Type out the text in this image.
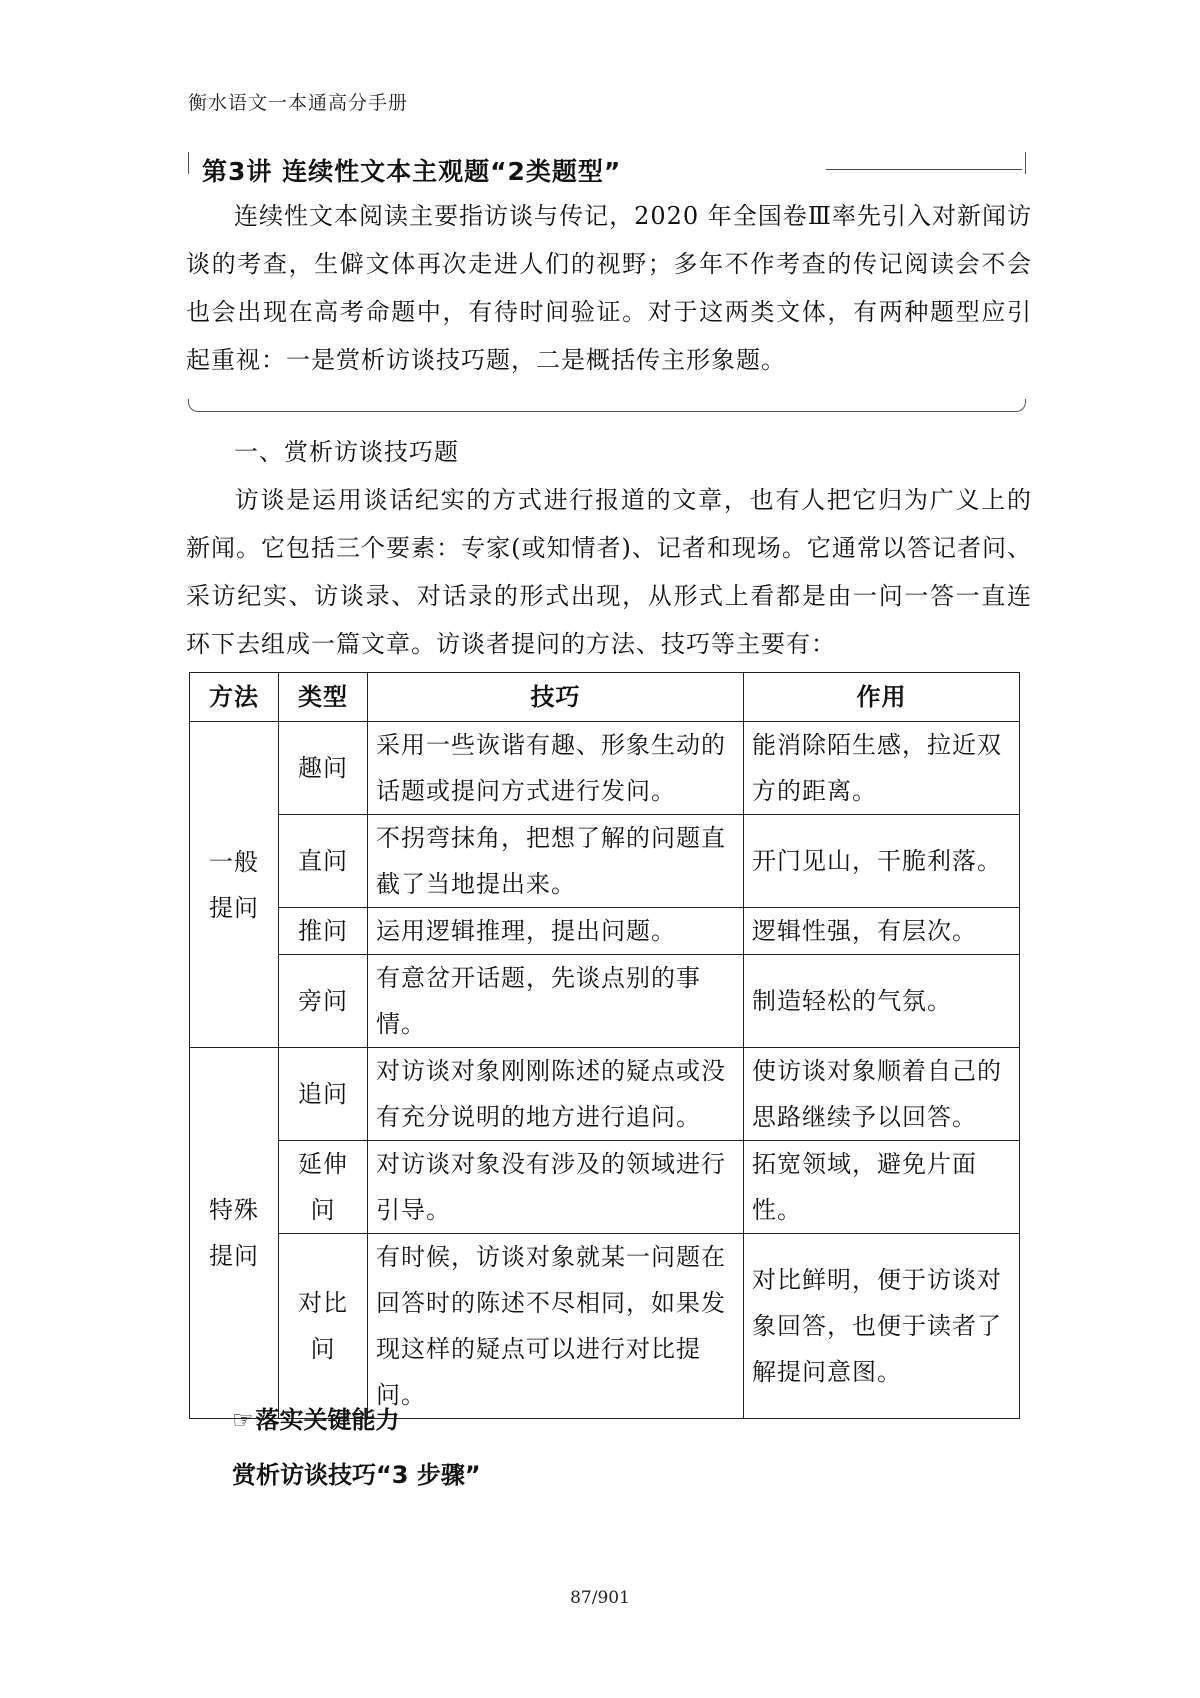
衡水语文一本通高分手册
第3讲 连续性文本主观题“2类题型”

连续性文本阅读主要指访谈与传记，2020 年全国卷Ⅲ率先引入对新闻访谈的考查，生僻文体再次走进人们的视野；多年不作考查的传记阅读会不会也会出现在高考命题中，有待时间验证。对于这两类文体，有两种题型应引起重视：一是赏析访谈技巧题，二是概括传主形象题。

一、赏析访谈技巧题

访谈是运用谈话纪实的方式进行报道的文章，也有人把它归为广义上的新闻。它包括三个要素：专家(或知情者)、记者和现场。它通常以答记者问、采访纪实、访谈录、对话录的形式出现，从形式上看都是由一问一答一直连环下去组成一篇文章。访谈者提问的方法、技巧等主要有：

方法	类型	技巧	作用
一般提问	趣问	采用一些诙谐有趣、形象生动的话题或提问方式进行发问。	能消除陌生感，拉近双方的距离。
	直问	不拐弯抹角，把想了解的问题直截了当地提出来。	开门见山，干脆利落。
	推问	运用逻辑推理，提出问题。	逻辑性强，有层次。
	旁问	有意岔开话题，先谈点别的事情。	制造轻松的气氛。
特殊提问	追问	对访谈对象刚刚陈述的疑点或没有充分说明的地方进行追问。	使访谈对象顺着自己的思路继续予以回答。
	延伸问	对访谈对象没有涉及的领域进行引导。	拓宽领域，避免片面性。
	对比问	有时候，访谈对象就某一问题在回答时的陈述不尽相同，如果发现这样的疑点可以进行对比提问。	对比鲜明，便于访谈对象回答，也便于读者了解提问意图。
☞落实关键能力
赏析访谈技巧“3 步骤”
87/901
